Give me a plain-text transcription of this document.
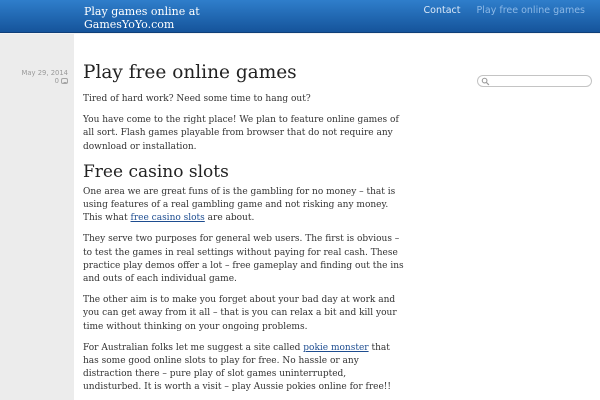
Play games online at GamesYoYo.com
Contact Play free online games
May 29, 2014
0 Play free online games

Tired of hard work? Need some time to hang out?

You have come to the right place! We plan to feature online games of all sort. Flash games playable from browser that do not require any download or installation.

Free casino slots

One area we are great funs of is the gambling for no money – that is using features of a real gambling game and not risking any money. This what free casino slots are about.

They serve two purposes for general web users. The first is obvious – to test the games in real settings without paying for real cash. These practice play demos offer a lot – free gameplay and finding out the ins and outs of each individual game.

The other aim is to make you forget about your bad day at work and you can get away from it all – that is you can relax a bit and kill your time without thinking on your ongoing problems.

For Australian folks let me suggest a site called pokie monster that has some good online slots to play for free. No hassle or any distraction there – pure play of slot games uninterrupted, undisturbed. It is worth a visit – play Aussie pokies online for free!!
